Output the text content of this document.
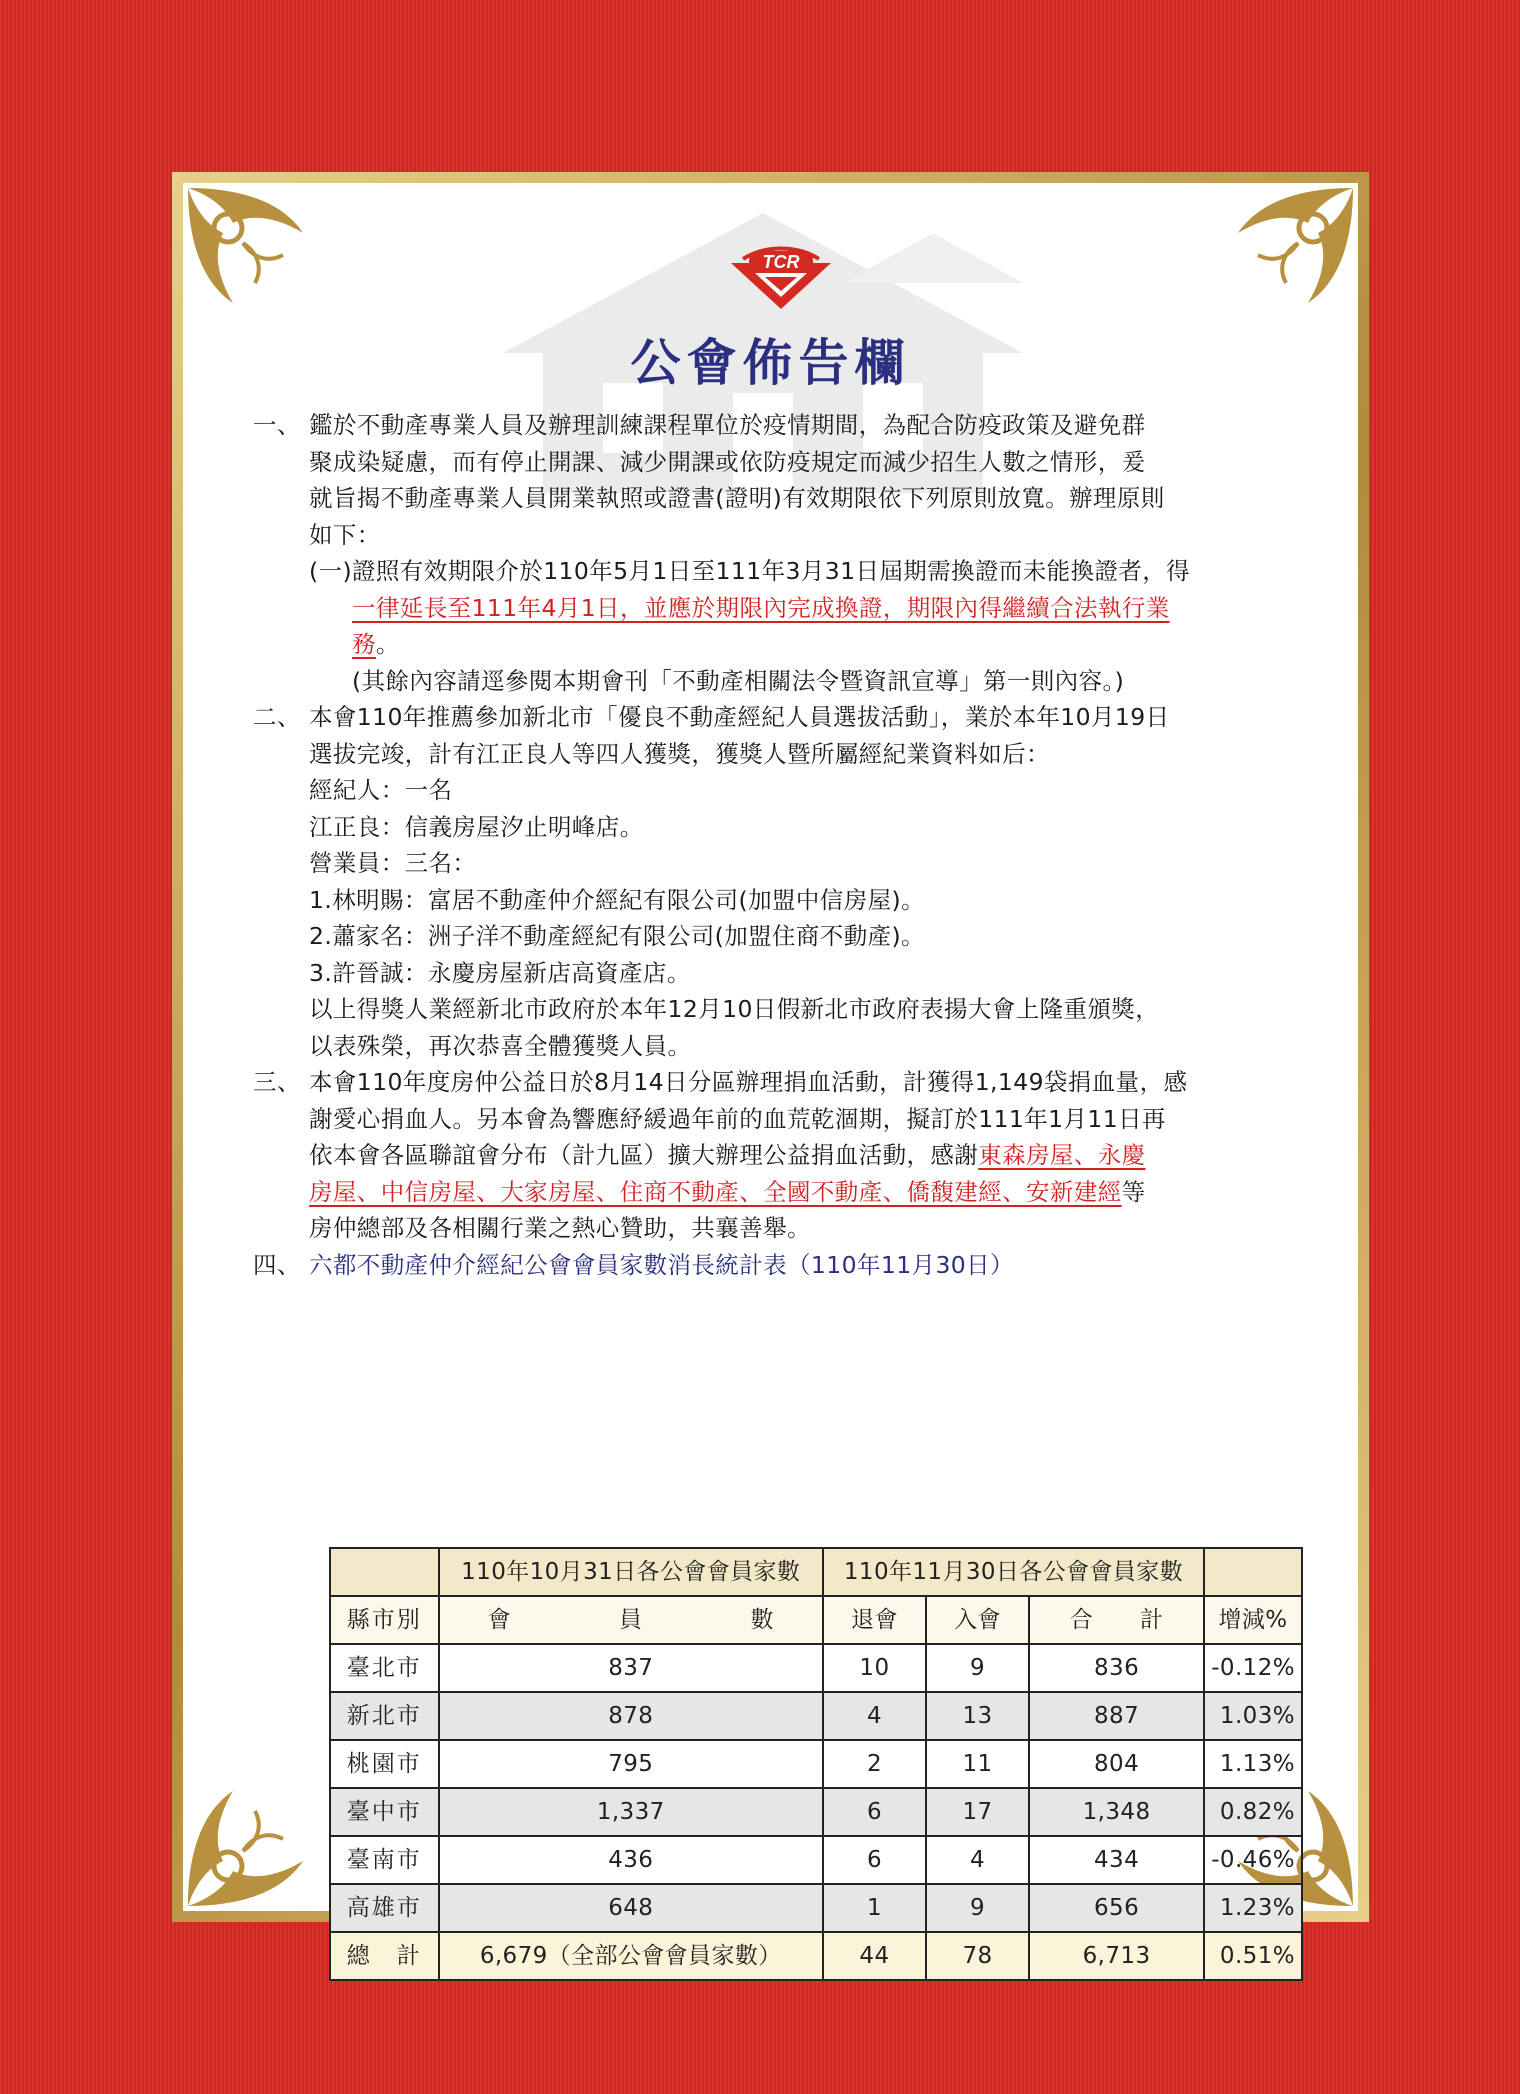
TCR
公會佈告欄
一、 鑑於不動產專業人員及辦理訓練課程單位於疫情期間，為配合防疫政策及避免群
聚成染疑慮，而有停止開課、減少開課或依防疫規定而減少招生人數之情形，爰
就旨揭不動產專業人員開業執照或證書(證明)有效期限依下列原則放寬。辦理原則
如下：
(一) 證照有效期限介於110年5月1日至111年3月31日屆期需換證而未能換證者，得
一律延長至111年4月1日，並應於期限內完成換證，期限內得繼續合法執行業
務。
(其餘內容請逕參閱本期會刊「不動產相關法令暨資訊宣導」第一則內容。)
二、 本會110年推薦參加新北市「優良不動產經紀人員選拔活動」，業於本年10月19日
選拔完竣，計有江正良人等四人獲獎，獲獎人暨所屬經紀業資料如后：
經紀人：一名
江正良：信義房屋汐止明峰店。
營業員：三名：
1.林明賜：富居不動產仲介經紀有限公司(加盟中信房屋)。
2.蕭家名：洲子洋不動產經紀有限公司(加盟住商不動產)。
3.許晉誠：永慶房屋新店高資產店。
以上得獎人業經新北市政府於本年12月10日假新北市政府表揚大會上隆重頒獎，
以表殊榮，再次恭喜全體獲獎人員。
三、 本會110年度房仲公益日於8月14日分區辦理捐血活動，計獲得1,149袋捐血量，感
謝愛心捐血人。另本會為響應紓緩過年前的血荒乾涸期，擬訂於111年1月11日再
依本會各區聯誼會分布（計九區）擴大辦理公益捐血活動，感謝東森房屋、永慶
房屋、中信房屋、大家房屋、住商不動產、全國不動產、僑馥建經、安新建經等
房仲總部及各相關行業之熱心贊助，共襄善舉。
四、 六都不動產仲介經紀公會會員家數消長統計表（110年11月30日）
	110年10月31日各公會會員家數	110年11月30日各公會會員家數			
縣市別	會 員 數	退會	入會	合　　 計	增減%
臺北市	837	10	9	836	-0.12%
新北市	878	4	13	887	1.03%
桃園市	795	2	11	804	1.13%
臺中市	1,337	6	17	1,348	0.82%
臺南市	436	6	4	434	-0.46%
高雄市	648	1	9	656	1.23%
總　計	6,679（全部公會會員家數）	44	78	6,713	0.51%
